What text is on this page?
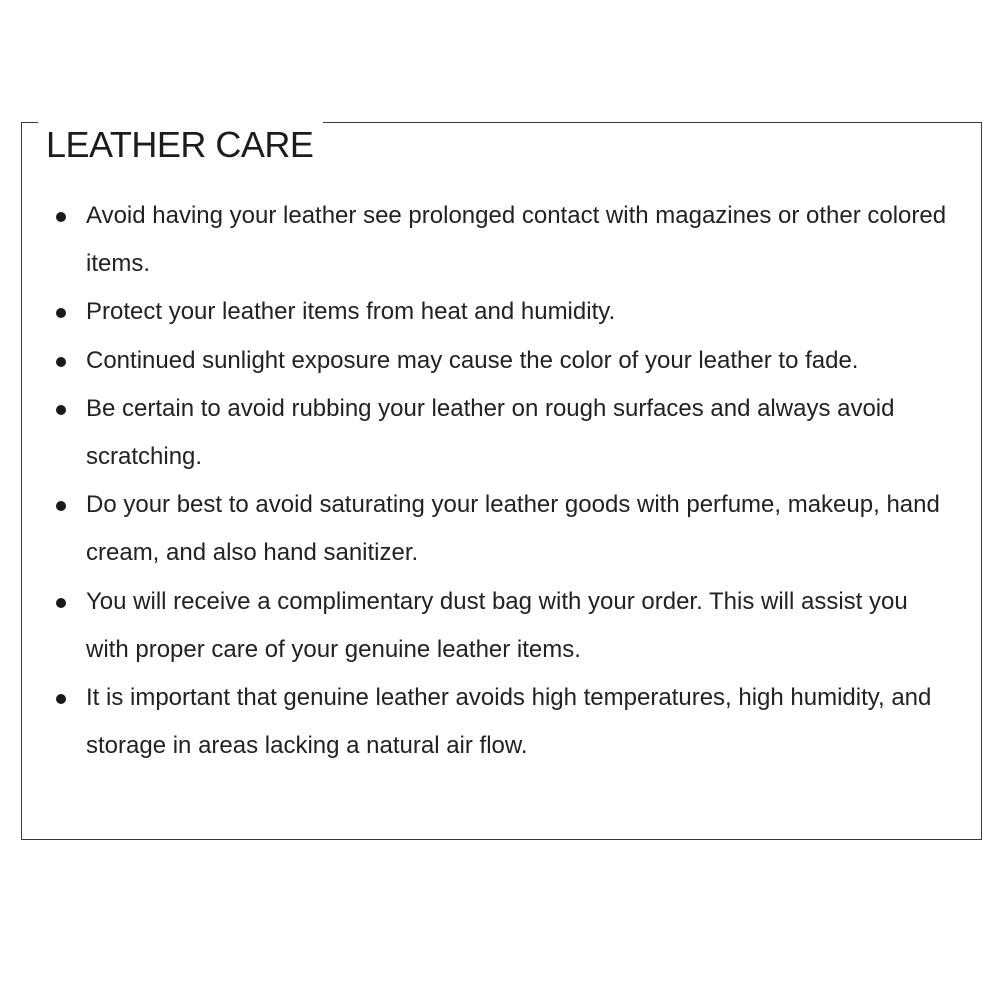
LEATHER CARE
Avoid having your leather see prolonged contact with magazines or other colored items.
Protect your leather items from heat and humidity.
Continued sunlight exposure may cause the color of your leather to fade.
Be certain to avoid rubbing your leather on rough surfaces and always avoid scratching.
Do your best to avoid saturating your leather goods with perfume, makeup, hand cream, and also hand sanitizer.
You will receive a complimentary dust bag with your order. This will assist you with proper care of your genuine leather items.
It is important that genuine leather avoids high temperatures, high humidity, and storage in areas lacking a natural air flow.
